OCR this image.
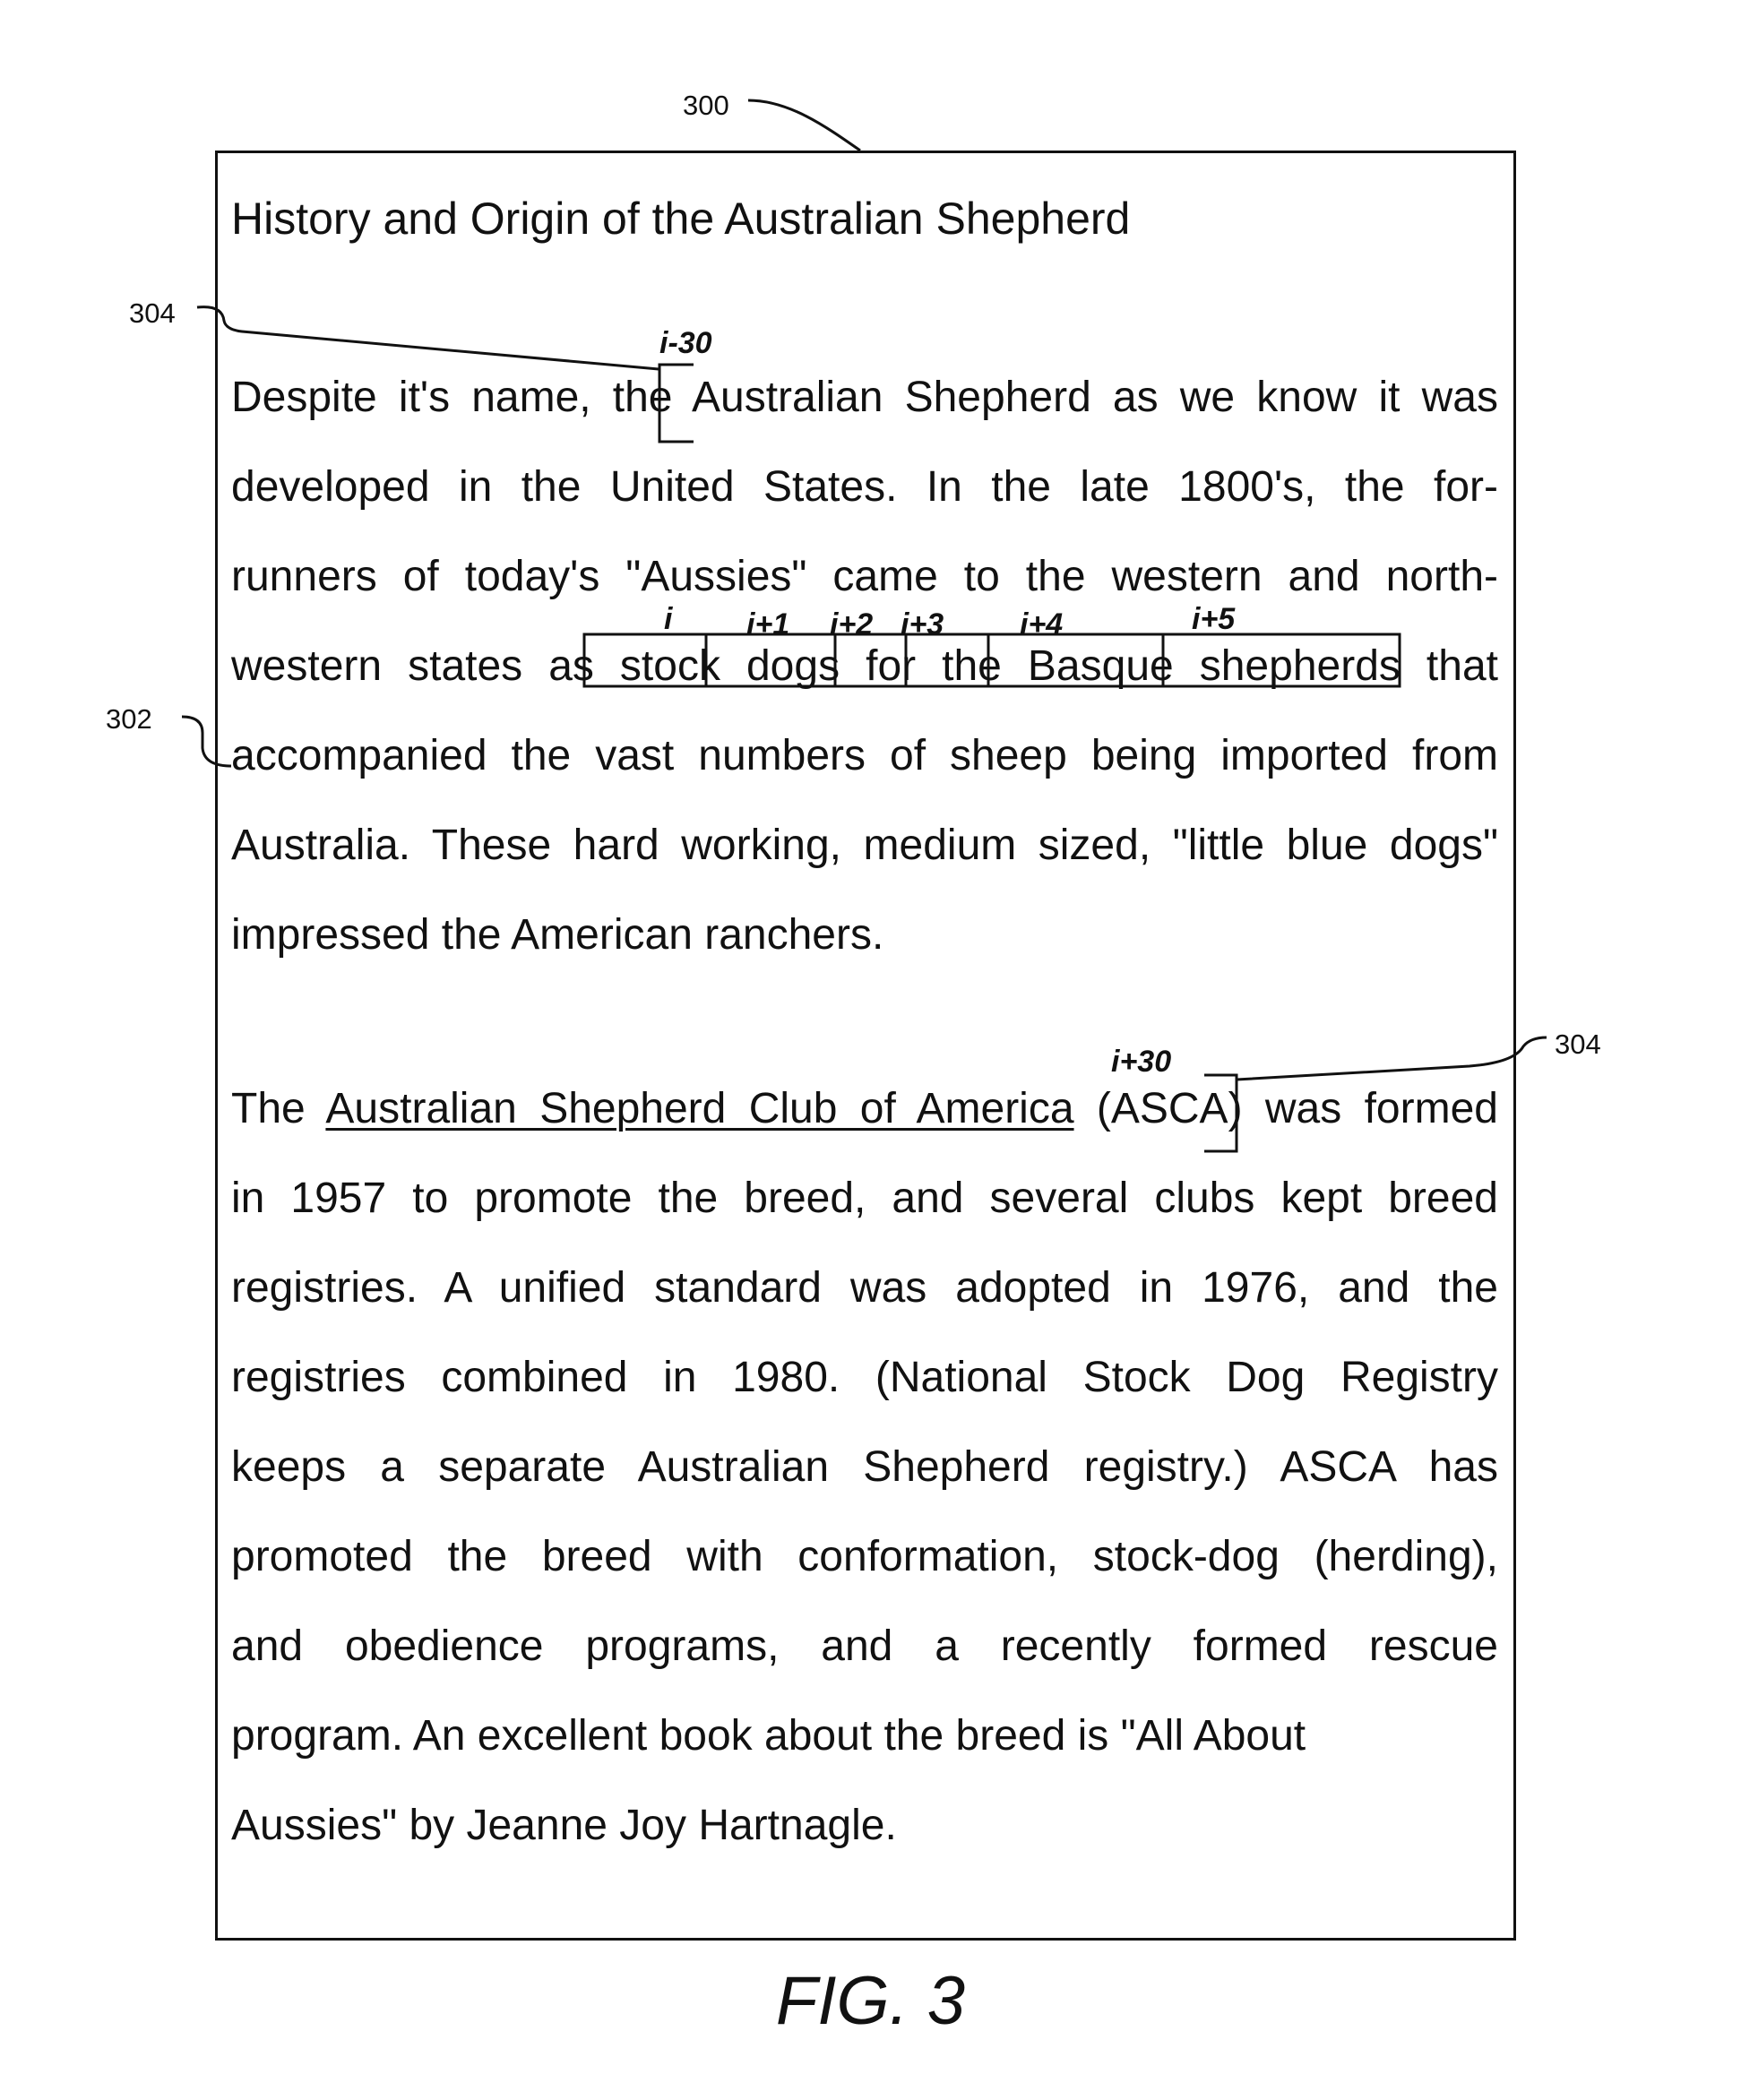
300
304
302
304
History and Origin of the Australian Shepherd
Despite it's name, the Australian Shepherd as we know it was
developed in the United States. In the late 1800's, the for-
runners of today's "Aussies" came to the western and north-
western states as stock dogs for the Basque shepherds that
accompanied the vast numbers of sheep being imported from
Australia. These hard working, medium sized, "little blue dogs"
impressed the American ranchers.
The Australian Shepherd Club of America (ASCA) was formed
in 1957 to promote the breed, and several clubs kept breed
registries. A unified standard was adopted in 1976, and the
registries combined in 1980. (National Stock Dog Registry
keeps a separate Australian Shepherd registry.) ASCA has
promoted the breed with conformation, stock-dog (herding),
and obedience programs, and a recently formed rescue
program. An excellent book about the breed is "All About
Aussies" by Jeanne Joy Hartnagle.
i-30
i i+1 i+2 i+3 i+4	i+5
i+30
FIG. 3
